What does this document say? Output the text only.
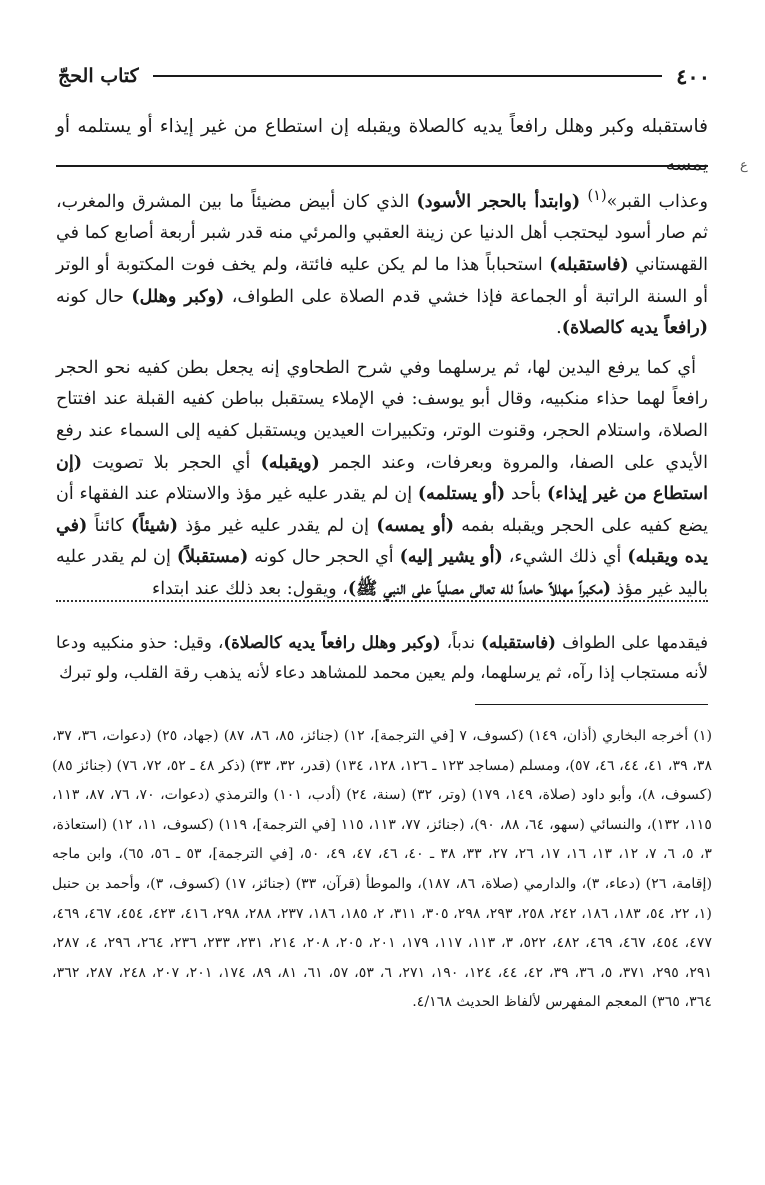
٤٠٠
كتاب الحجّ
فاستقبله وكبر وهلل رافعاً يديه كالصلاة ويقبله إن استطاع من غير إيذاء أو يستلمه أو يمسه ع

وعذاب القبر»$^{(١)}$ (وابتدأ بالحجر الأسود) الذي كان أبيض مضيئاً ما بين المشرق والمغرب، ثم صار أسود ليحتجب أهل الدنيا عن زينة العقبي والمرئي منه قدر شبر أربعة أصابع كما في القهستاني (فاستقبله) استحباباً هذا ما لم يكن عليه فائتة، ولم يخف فوت المكتوبة أو الوتر أو السنة الراتبة أو الجماعة فإذا خشي قدم الصلاة على الطواف، (وكبر وهلل) حال كونه (رافعاً يديه كالصلاة).

أي كما يرفع اليدين لها، ثم يرسلهما وفي شرح الطحاوي إنه يجعل بطن كفيه نحو الحجر رافعاً لهما حذاء منكبيه، وقال أبو يوسف: في الإملاء يستقبل بباطن كفيه القبلة عند افتتاح الصلاة، واستلام الحجر، وقنوت الوتر، وتكبيرات العيدين ويستقبل كفيه إلى السماء عند رفع الأيدي على الصفا، والمروة وبعرفات، وعند الجمر (ويقبله) أي الحجر بلا تصويت (إن استطاع من غير إيذاء) بأحد (أو يستلمه) إن لم يقدر عليه غير مؤذ والاستلام عند الفقهاء أن يضع كفيه على الحجر ويقبله بفمه (أو يمسه) إن لم يقدر عليه غير مؤذ (شيئاً) كائناً (في يده ويقبله) أي ذلك الشيء، (أو يشير إليه) أي الحجر حال كونه (مستقبلاً) إن لم يقدر عليه باليد غير مؤذ (مكبراً مهللاً حامداً لله تعالى مصلياً على النبي ﷺ)، ويقول: بعد ذلك عند ابتداء

فيقدمها على الطواف (فاستقبله) ندباً، (وكبر وهلل رافعاً يديه كالصلاة)، وقيل: حذو منكبيه ودعا لأنه مستجاب إذا رآه، ثم يرسلهما، ولم يعين محمد للمشاهد دعاء لأنه يذهب رقة القلب، ولو تبرك

(١) أخرجه البخاري (أذان، ١٤٩) (كسوف، ٧ [في الترجمة]، ١٢) (جنائز، ٨٥، ٨٦، ٨٧) (جهاد، ٢٥) (دعوات، ٣٦، ٣٧، ٣٨، ٣٩، ٤١، ٤٤، ٤٦، ٥٧)، ومسلم (مساجد ١٢٣ ـ ١٢٦، ١٢٨، ١٣٤) (قدر، ٣٢، ٣٣) (ذكر ٤٨ ـ ٥٢، ٧٢، ٧٦) (جنائز ٨٥) (كسوف، ٨)، وأبو داود (صلاة، ١٤٩، ١٧٩) (وتر، ٣٢) (سنة، ٢٤) (أدب، ١٠١) والترمذي (دعوات، ٧٠، ٧٦، ٨٧، ١١٣، ١١٥، ١٣٢)، والنسائي (سهو، ٦٤، ٨٨، ٩٠)، (جنائز، ٧٧، ١١٣، ١١٥ [في الترجمة]، ١١٩) (كسوف، ١١، ١٢) (استعاذة، ٣، ٥، ٦، ٧، ١٢، ١٣، ١٦، ١٧، ٢٦، ٢٧، ٣٣، ٣٨ ـ ٤٠، ٤٦، ٤٧، ٤٩، ٥٠، [في الترجمة]، ٥٣ ـ ٥٦، ٦٥)، وابن ماجه (إقامة، ٢٦) (دعاء، ٣)، والدارمي (صلاة، ٨٦، ١٨٧)، والموطأ (قرآن، ٣٣) (جنائز، ١٧) (كسوف، ٣)، وأحمد بن حنبل (١، ٢٢، ٥٤، ١٨٣، ١٨٦، ٢٤٢، ٢٥٨، ٢٩٣، ٢٩٨، ٣٠٥، ٣١١، ٢، ١٨٥، ١٨٦، ٢٣٧، ٢٨٨، ٢٩٨، ٤١٦، ٤٢٣، ٤٥٤، ٤٦٧، ٤٦٩، ٤٧٧، ٤٥٤، ٤٦٧، ٤٦٩، ٤٨٢، ٥٢٢، ٣، ١١٣، ١١٧، ١٧٩، ٢٠١، ٢٠٥، ٢٠٨، ٢١٤، ٢٣١، ٢٣٣، ٢٣٦، ٢٦٤، ٢٩٦، ٤، ٢٨٧، ٢٩١، ٢٩٥، ٣٧١، ٥، ٣٦، ٣٩، ٤٢، ٤٤، ١٢٤، ١٩٠، ٢٧١، ٦، ٥٣، ٥٧، ٦١، ٨١، ٨٩، ١٧٤، ٢٠١، ٢٠٧، ٢٤٨، ٢٨٧، ٣٦٢، ٣٦٤، ٣٦٥) المعجم المفهرس لألفاظ الحديث ٤/١٦٨.
